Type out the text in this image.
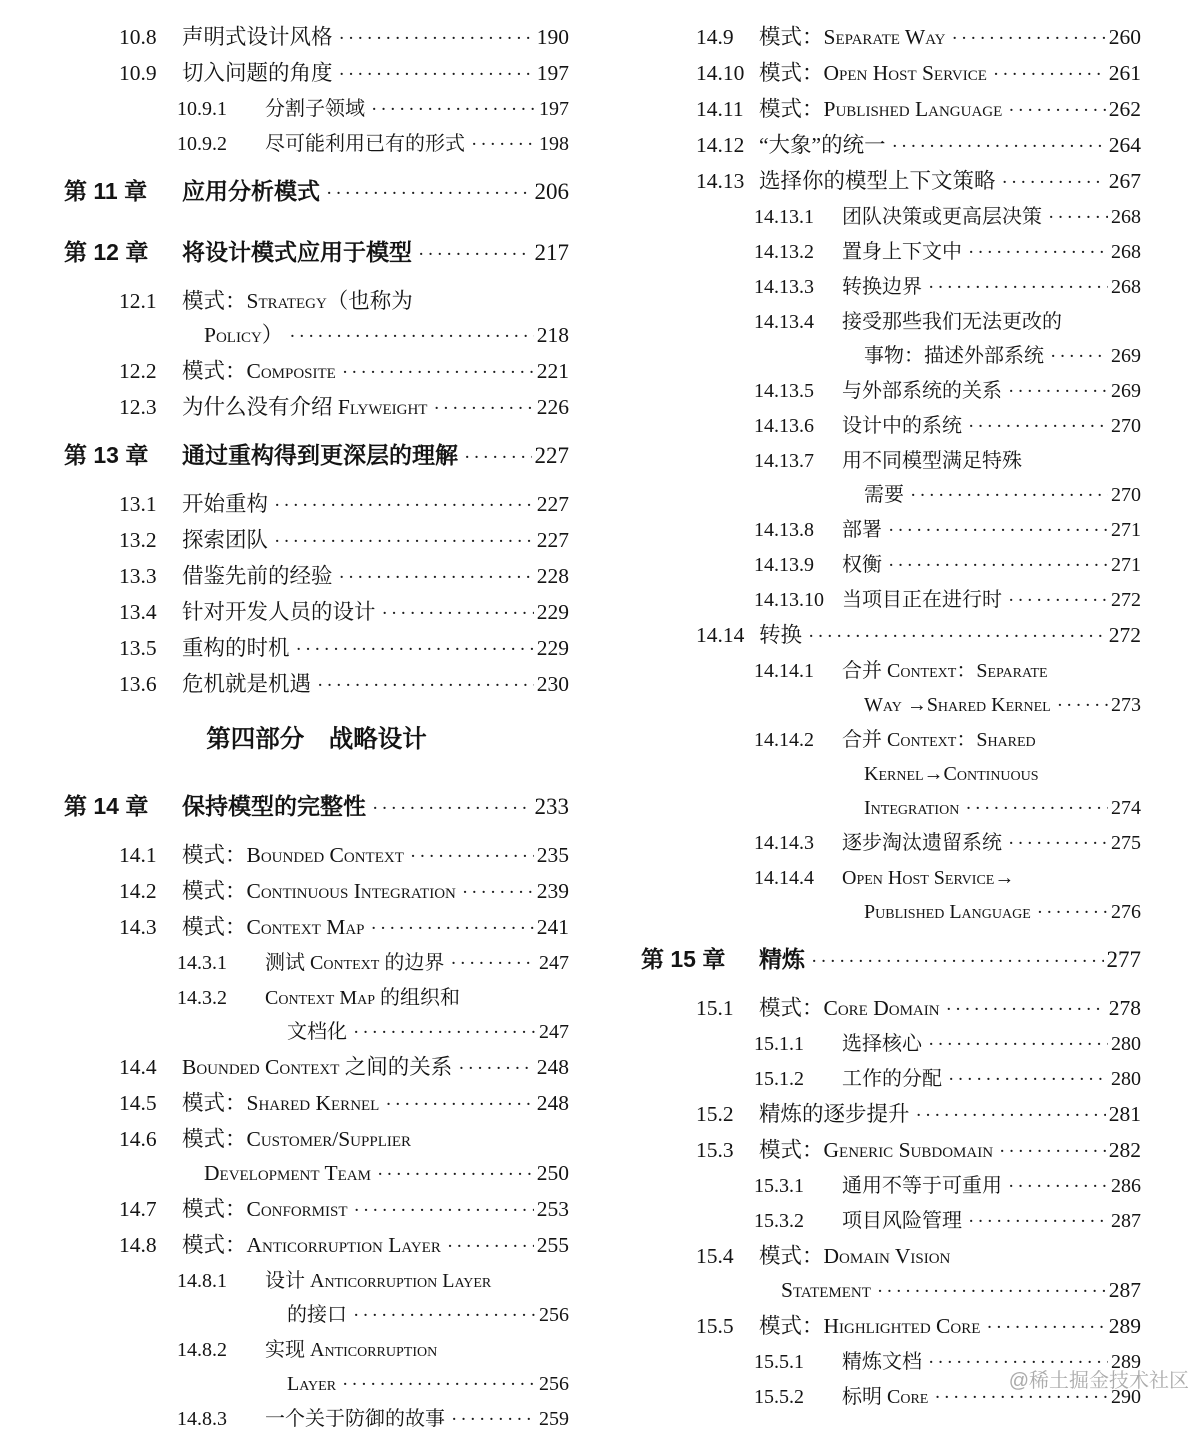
10.8	声明式设计风格 ·····	190
10.9	切入问题的角度 ·····	197
10.9.1	分割子领域 ·····	197
10.9.2	尽可能利用已有的形式 ·····	198
第 11 章	应用分析模式 ·····	206
第 12 章	将设计模式应用于模型 ·····	217
12.1	模式：Strategy（也称为
Policy） ·····	218
12.2	模式：Composite ·····	221
12.3	为什么没有介绍 Flyweight ·····	226
第 13 章	通过重构得到更深层的理解 ·····	227
13.1	开始重构 ·····	227
13.2	探索团队 ·····	227
13.3	借鉴先前的经验 ·····	228
13.4	针对开发人员的设计 ·····	229
13.5	重构的时机 ·····	229
13.6	危机就是机遇 ·····	230
第四部分　战略设计
第 14 章	保持模型的完整性 ·····	233
14.1	模式：Bounded Context ·····	235
14.2	模式：Continuous Integration ·····	239
14.3	模式：Context Map ·····	241
14.3.1	测试 Context 的边界 ·····	247
14.3.2	Context Map 的组织和
文档化 ·····	247
14.4	Bounded Context 之间的关系 ·····	248
14.5	模式：Shared Kernel ·····	248
14.6	模式：Customer/Supplier
Development Team ·····	250
14.7	模式：Conformist ·····	253
14.8	模式：Anticorruption Layer ·····	255
14.8.1	设计 Anticorruption Layer
的接口 ·····	256
14.8.2	实现 Anticorruption
Layer ·····	256
14.8.3	一个关于防御的故事 ·····	259
14.9	模式：Separate Way ·····	260
14.10 模式：Open Host Service ·····	261
14.11 模式：Published Language ·····	262
14.12 “大象”的统一 ·····	264
14.13 选择你的模型上下文策略 ·····	267
14.13.1	团队决策或更高层决策 ·····	268
14.13.2	置身上下文中 ·····	268
14.13.3	转换边界 ·····	268
14.13.4	接受那些我们无法更改的
事物：描述外部系统 ·····	269
14.13.5	与外部系统的关系 ·····	269
14.13.6	设计中的系统 ·····	270
14.13.7	用不同模型满足特殊
需要 ·····	270
14.13.8	部署 ·····	271
14.13.9	权衡 ·····	271
14.13.10 当项目正在进行时 ·····	272
14.14 转换 ·····	272
14.14.1	合并 Context：Separate
Way →Shared Kernel ·····	273
14.14.2	合并 Context：Shared
Kernel→Continuous
Integration ·····	274
14.14.3	逐步淘汰遗留系统 ·····	275
14.14.4	Open Host Service→
Published Language ·····	276
第 15 章	精炼 ·····	277
15.1	模式：Core Domain ·····	278
15.1.1	选择核心 ·····	280
15.1.2	工作的分配 ·····	280
15.2	精炼的逐步提升 ·····	281
15.3	模式：Generic Subdomain ·····	282
15.3.1	通用不等于可重用 ·····	286
15.3.2	项目风险管理 ·····	287
15.4	模式：Domain Vision
Statement ·····	287
15.5	模式：Highlighted Core ·····	289
15.5.1	精炼文档 ·····	289
15.5.2	标明 Core ·····	290
@稀土掘金技术社区
